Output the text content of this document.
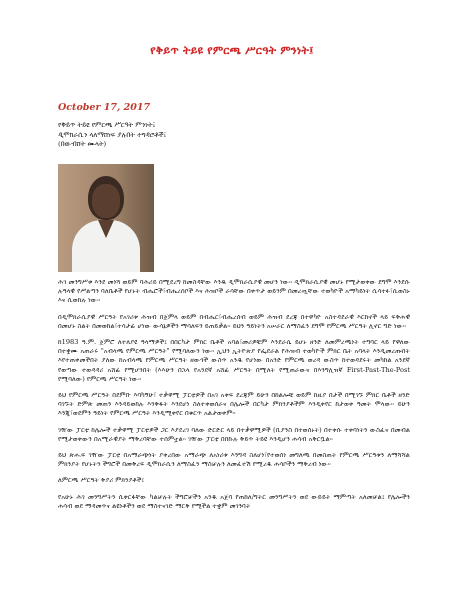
የቅይጥ ትይዩ የምርጫ ሥርዓት ምንነት፤
October 17, 2017
የቅይጥ ትይዩ የምርጫ ሥርዓት ምንነት፤
ዲሞክራሲን ላለማሸነፍ ያሉበት ተግዳሮቶች፤
(በውብሸት ሙላት)

ሕገ መንግሥቱ እንደ መነሻ ወይም ባሕሪይ በሚደረግ ከመስዳቸው እንዱ ዲሞክራሲያዊ መሆን ነው፡፡ ዲሞክራሲያዊ መሆኑ የሚታወቀው ደግሞ እንደሱ ሉዓላዊ የሥልጣን ባለቤቶች የሆኑት ብሔሮች፣ብሔረሰቦች እና ሕዝቦች ራሳቸው በቀጥታ ወይንም በመረጧቸው ተወካዮች አማካይነት ሲሳተፉ፣ሲወስኑ እና ሲወከሉ ነው፡፡

በዲሞክራሲያዊ ሥርዓት የአገሪቱ ሕዝብ በጀምላ ወይም በብሔር፣ብሔረሰብ ወይም ሕዝብ ደረጃ በተዋካዮ አስተዳደራዊ እርከኖች ላይ ፍቅሐዊ በመሆኑ ስልት በመወከል፣ተሳታፊ ሆነው ውሳኔዎችን ማሳለፍን ይጠይቃል፡፡ ይህን ዓይነትን አሠራር ለማስፈን ደግሞ የምርጫ ሥርዓት ሊኖር ግድ ነው፡፡

ከ1983 ዓ.ም. ጀምሮ ለተለያዩ ዓላማዎች፤ በበርካታ ምክር ቤቶች አባል፣መሪዎቹም እንደራሴ ይሆኑ ዘንድ ለመምረጫነት ተግባር ላይ የዋለው በተቋሙ አጠራሩ "አብላጫ የምርጫ ሥርዓት" የሚባለውን ነው፡፡ ኢህን ኢትዮጵያ የፌደራል የሕዝብ ተወካዮች ምክር ቤት አባላት እንዲመረጡበት እየተጠቀመችበት ያለው ከአብላጫ የምርጫ ሥርዓት ዘውጎች ውስጥ አንዱ የሆነው በአንድ የምርጫ ወረዳ ውስጥ ከተወዳደሩት መካከል አንደኛ የወጣው ተወዳዳሪ አሸፊ የሚሆንበት (እእሁን በኋላ የአንደኛ አሸፊ ሥርዓት በሚለት የሚጠራውና በእንግሊዝኛ First-Past-The-Post የሚባለው) የምርጫ ሥርዓት ነው፡፡

ይህ የምርጫ ሥርዓት በደምቡ እባካኝሁ፣ ተቃዋሚ ፓርቲዎች በአገ አቀፍ ደረጃም ይሁን በከልሎቹ ወይም ከዚያ በታች በሚገኙ ምክር ቤቶች ዘንድ ባገኙት ድምጽ መጠን እንዳይወከሉ እንቅፋት እንደሆነ ስለተቀወሰራና በሌሎች በርካታ ምክንያቶችም እንዲቀየር ከታወቀ ዓመት ሞላው፡፡ ይሁን እንጂ፣ወደምን ዓይነት የምርጫ ሥርዓት እንዲሚቀየር በቁርጥ አልታወቀም፡፡

ገዥው ፓርቲ ከሌሎች ተቃዋሚ ፓርቲዎች ጋር እያደረገ ባለው ድርድር ላይ በተቃዋሚዎች (ቢያንስ በተወሰኑት) በተቀሱ ተቀባነትን ውስፈና በመብል የሚታወቀውን በአሚራዊያት ማቅረባቸው ተሰምቷል፡፡ ገዥው ፓርቲ በበኩሉ ቅይጥ ትይዩ እንዲሆን ሐሳብ አቅርቧል፡፡

ይህ ጽሑፍ ገዥው ፓርቲ በአማራጭነት ያቀረበው አማራጭ ለአነሪቱ እንግዳ ስለሆነ፣የተወሰነ መግለጫ በመስጠት የምርጫ ሥርዓቱን ለማሻሻል ምክንያት የሆኑትን ችግሮች በመቅረፍ ዲሞክራሲን ለማስፈን ማስቻሉን ለመፈተሽ የሚረዱ ሐሳቦችን ማቅረብ ነው፡፡

ለምርጫ ሥርዓት ቅያሪ ምክንያቶች፤

የአሁኑ ሕገ መንግሥትን ሲቀርፋቸው ካልቻሉት ችግሮቻችን አንዱ አጀባ የጠከለ/ግትር መንግሥትን ወደ ውይይት ማምጣት አለመቻል፤ የሌሎችን ሐሳብ ወደ ማዳመጥና ልዩነቶችን ወደ ማስተናገድ ማርቅ የሚችል ተቋም መገንባት
